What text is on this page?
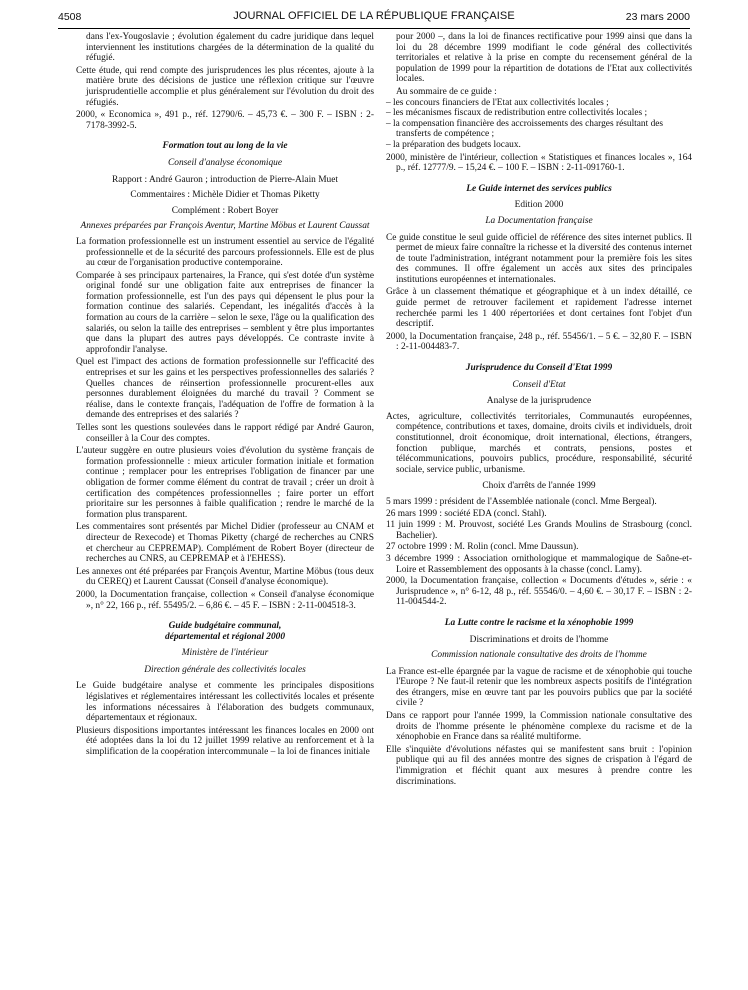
4508	JOURNAL OFFICIEL DE LA RÉPUBLIQUE FRANÇAISE	23 mars 2000

dans l'ex-Yougoslavie ; évolution également du cadre juridique dans lequel interviennent les institutions chargées de la détermination de la qualité du réfugié.

Cette étude, qui rend compte des jurisprudences les plus récentes, ajoute à la matière brute des décisions de justice une réflexion critique sur l'œuvre jurisprudentielle accomplie et plus généralement sur l'évolution du droit des réfugiés.

2000, « Economica », 491 p., réf. 12790/6. – 45,73 €. – 300 F. – ISBN : 2-7178-3992-5.

Formation tout au long de la vie
Conseil d'analyse économique
Rapport : André Gauron ; introduction de Pierre-Alain Muet
Commentaires : Michèle Didier et Thomas Piketty
Complément : Robert Boyer
Annexes préparées par François Aventur, Martine Möbus et Laurent Caussat

La formation professionnelle est un instrument essentiel au service de l'égalité professionnelle et de la sécurité des parcours professionnels. Elle est de plus au cœur de l'organisation productive contemporaine.

Comparée à ses principaux partenaires, la France, qui s'est dotée d'un système original fondé sur une obligation faite aux entreprises de financer la formation professionnelle, est l'un des pays qui dépensent le plus pour la formation continue des salariés. Cependant, les inégalités d'accès à la formation au cours de la carrière – selon le sexe, l'âge ou la qualification des salariés, ou selon la taille des entreprises – semblent y être plus importantes que dans la plupart des autres pays développés. Ce contraste invite à approfondir l'analyse.

Quel est l'impact des actions de formation professionnelle sur l'efficacité des entreprises et sur les gains et les perspectives professionnelles des salariés ? Quelles chances de réinsertion professionnelle procurent-elles aux personnes durablement éloignées du marché du travail ? Comment se réalise, dans le contexte français, l'adéquation de l'offre de formation à la demande des entreprises et des salariés ?

Telles sont les questions soulevées dans le rapport rédigé par André Gauron, conseiller à la Cour des comptes.

L'auteur suggère en outre plusieurs voies d'évolution du système français de formation professionnelle : mieux articuler formation initiale et formation continue ; remplacer pour les entreprises l'obligation de financer par une obligation de former comme élément du contrat de travail ; créer un droit à certification des compétences professionnelles ; faire porter un effort prioritaire sur les personnes à faible qualification ; rendre le marché de la formation plus transparent.

Les commentaires sont présentés par Michel Didier (professeur au CNAM et directeur de Rexecode) et Thomas Piketty (chargé de recherches au CNRS et chercheur au CEPREMAP). Complément de Robert Boyer (directeur de recherches au CNRS, au CEPREMAP et à l'EHESS).

Les annexes ont été préparées par François Aventur, Martine Möbus (tous deux du CEREQ) et Laurent Caussat (Conseil d'analyse économique).

2000, la Documentation française, collection « Conseil d'analyse économique », n° 22, 166 p., réf. 55495/2. – 6,86 €. – 45 F. – ISBN : 2-11-004518-3.

Guide budgétaire communal,
départemental et régional 2000
Ministère de l'intérieur
Direction générale des collectivités locales

Le Guide budgétaire analyse et commente les principales dispositions législatives et réglementaires intéressant les collectivités locales et présente les informations nécessaires à l'élaboration des budgets communaux, départementaux et régionaux.

Plusieurs dispositions importantes intéressant les finances locales en 2000 ont été adoptées dans la loi du 12 juillet 1999 relative au renforcement et à la simplification de la coopération intercommunale – la loi de finances initiale

pour 2000 –, dans la loi de finances rectificative pour 1999 ainsi que dans la loi du 28 décembre 1999 modifiant le code général des collectivités territoriales et relative à la prise en compte du recensement général de la population de 1999 pour la répartition de dotations de l'Etat aux collectivités locales.

Au sommaire de ce guide :

– les concours financiers de l'Etat aux collectivités locales ;

– les mécanismes fiscaux de redistribution entre collectivités locales ;

– la compensation financière des accroissements des charges résultant des transferts de compétence ;

– la préparation des budgets locaux.

2000, ministère de l'intérieur, collection « Statistiques et finances locales », 164 p., réf. 12777/9. – 15,24 €. – 100 F. – ISBN : 2-11-091760-1.

Le Guide internet des services publics
Edition 2000
La Documentation française

Ce guide constitue le seul guide officiel de référence des sites internet publics. Il permet de mieux faire connaître la richesse et la diversité des contenus internet de toute l'administration, intégrant notamment pour la première fois les sites des communes. Il offre également un accès aux sites des principales institutions européennes et internationales.

Grâce à un classement thématique et géographique et à un index détaillé, ce guide permet de retrouver facilement et rapidement l'adresse internet recherchée parmi les 1 400 répertoriées et dont certaines font l'objet d'un descriptif.

2000, la Documentation française, 248 p., réf. 55456/1. – 5 €. – 32,80 F. – ISBN : 2-11-004483-7.

Jurisprudence du Conseil d'Etat 1999
Conseil d'Etat
Analyse de la jurisprudence

Actes, agriculture, collectivités territoriales, Communautés européennes, compétence, contributions et taxes, domaine, droits civils et individuels, droit constitutionnel, droit économique, droit international, élections, étrangers, fonction publique, marchés et contrats, pensions, postes et télécommunications, pouvoirs publics, procédure, responsabilité, sécurité sociale, service public, urbanisme.

Choix d'arrêts de l'année 1999

5 mars 1999 : président de l'Assemblée nationale (concl. Mme Bergeal).

26 mars 1999 : société EDA (concl. Stahl).

11 juin 1999 : M. Prouvost, société Les Grands Moulins de Strasbourg (concl. Bachelier).

27 octobre 1999 : M. Rolin (concl. Mme Daussun).

3 décembre 1999 : Association ornithologique et mammalogique de Saône-et-Loire et Rassemblement des opposants à la chasse (concl. Lamy).

2000, la Documentation française, collection « Documents d'études », série : « Jurisprudence », n° 6-12, 48 p., réf. 55546/0. – 4,60 €. – 30,17 F. – ISBN : 2-11-004544-2.

La Lutte contre le racisme et la xénophobie 1999
Discriminations et droits de l'homme
Commission nationale consultative des droits de l'homme

La France est-elle épargnée par la vague de racisme et de xénophobie qui touche l'Europe ? Ne faut-il retenir que les nombreux aspects positifs de l'intégration des étrangers, mise en œuvre tant par les pouvoirs publics que par la société civile ?

Dans ce rapport pour l'année 1999, la Commission nationale consultative des droits de l'homme présente le phénomène complexe du racisme et de la xénophobie en France dans sa réalité multiforme.

Elle s'inquiète d'évolutions néfastes qui se manifestent sans bruit : l'opinion publique qui au fil des années montre des signes de crispation à l'égard de l'immigration et fléchit quant aux mesures à prendre contre les discriminations.
